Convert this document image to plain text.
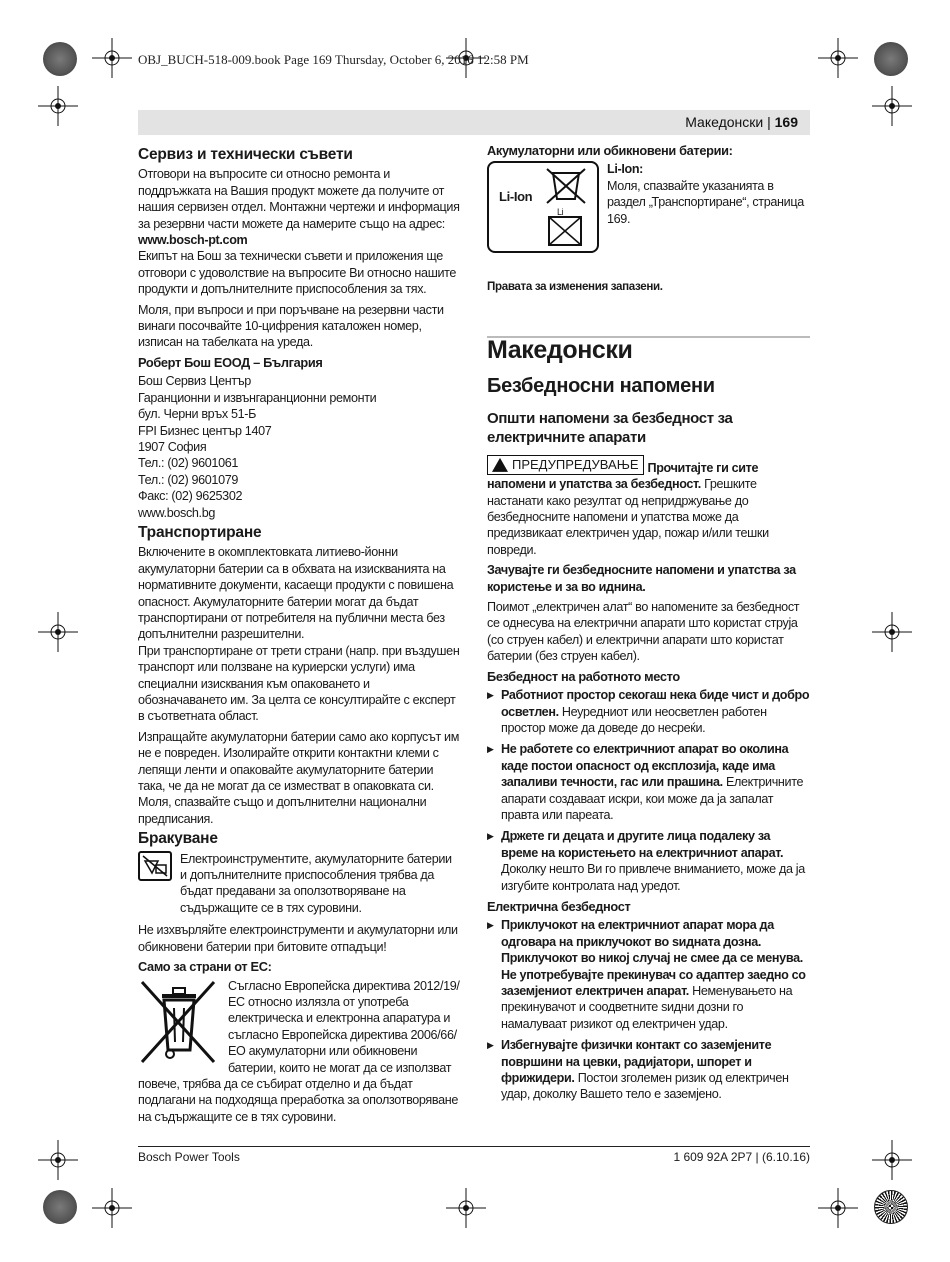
OBJ_BUCH-518-009.book Page 169 Thursday, October 6, 2016 12:58 PM
Македонски | 169
Сервиз и технически съвети
Отговори на въпросите си относно ремонта и поддръжката на Вашия продукт можете да получите от нашия сервизен отдел. Монтажни чертежи и информация за резервни части можете да намерите също на адрес:
www.bosch-pt.com
Екипът на Бош за технически съвети и приложения ще отговори с удоволствие на въпросите Ви относно нашите продукти и допълнителните приспособления за тях.
Моля, при въпроси и при поръчване на резервни части винаги посочвайте 10-цифрения каталожен номер, изписан на табелката на уреда.
Роберт Бош ЕООД – България
Бош Сервиз Център
Гаранционни и извънгаранционни ремонти
бул. Черни връх 51-Б
FPI Бизнес център 1407
1907 София
Тел.: (02) 9601061
Тел.: (02) 9601079
Факс: (02) 9625302
www.bosch.bg
Транспортиране
Включените в окомплектовката литиево-йонни акумулаторни батерии са в обхвата на изискванията на нормативните документи, касаещи продукти с повишена опасност. Акумулаторните батерии могат да бъдат транспортирани от потребителя на публични места без допълнителни разрешителни.
При транспортиране от трети страни (напр. при въздушен транспорт или ползване на куриерски услуги) има специални изисквания към опаковането и обозначаването им. За целта се консултирайте с експерт в съответната област.
Изпращайте акумулаторни батерии само ако корпусът им не е повреден. Изолирайте открити контактни клеми с лепящи ленти и опаковайте акумулаторните батерии така, че да не могат да се изместват в опаковката си.
Моля, спазвайте също и допълнителни национални предписания.
Бракуване
Електроинструментите, акумулаторните батерии и допълнителните приспособления трябва да бъдат предавани за оползотворяване на съдържащите се в тях суровини.
Не изхвърляйте електроинструменти и акумулаторни или обикновени батерии при битовите отпадъци!
Само за страни от ЕС:
Съгласно Европейска директива 2012/19/ЕС относно излязла от употреба електрическа и електронна апаратура и съгласно Европейска директива 2006/66/ЕО акумулаторни или обикновени батерии, които не могат да се използват повече, трябва да се събират отделно и да бъдат подлагани на подходяща преработка за оползотворяване на съдържащите се в тях суровини.
Акумулаторни или обикновени батерии:
Li-Ion
Li
Li-Ion:
Моля, спазвайте указанията в раздел „Транспортиране“, страница 169.
Правата за изменения запазени.
Македонски
Безбедносни напомени
Општи напомени за безбедност за електричните апарати
ПРЕДУПРЕДУВАЊЕ Прочитајте ги сите напомени и упатства за безбедност. Грешките настанати како резултат од непридржување до безбедносните напомени и упатства може да предизвикаат електричен удар, пожар и/или тешки повреди.
Зачувајте ги безбедносните напомени и упатства за користење и за во иднина.
Поимот „електричен алат“ во напомените за безбедност се однесува на електрични апарати што користат струја (со струен кабел) и електрични апарати што користат батерии (без струен кабел).
Безбедност на работното место
▶ Работниот простор секогаш нека биде чист и добро осветлен. Неуредниот или неосветлен работен простор може да доведе до несреќи.
▶ Не работете со електричниот апарат во околина каде постои опасност од експлозија, каде има запаливи течности, гас или прашина. Електричните апарати создаваат искри, кои може да ја запалат правта или пареата.
▶ Држете ги децата и другите лица подалеку за време на користењето на електричниот апарат. Доколку нешто Ви го привлече вниманието, може да ја изгубите контролата над уредот.
Електрична безбедност
▶ Приклучокот на електричниот апарат мора да одговара на приклучокот во ѕидната дозна. Приклучокот во никој случај не смее да се менува. Не употребувајте прекинувач со адаптер заедно со заземјениот електричен апарат. Неменувањето на прекинувачот и соодветните ѕидни дозни го намалуваат ризикот од електричен удар.
▶ Избегнувајте физички контакт со заземјените површини на цевки, радијатори, шпорет и фрижидери. Постои зголемен ризик од електричен удар, доколку Вашето тело е заземјено.
Bosch Power Tools	1 609 92A 2P7 | (6.10.16)
